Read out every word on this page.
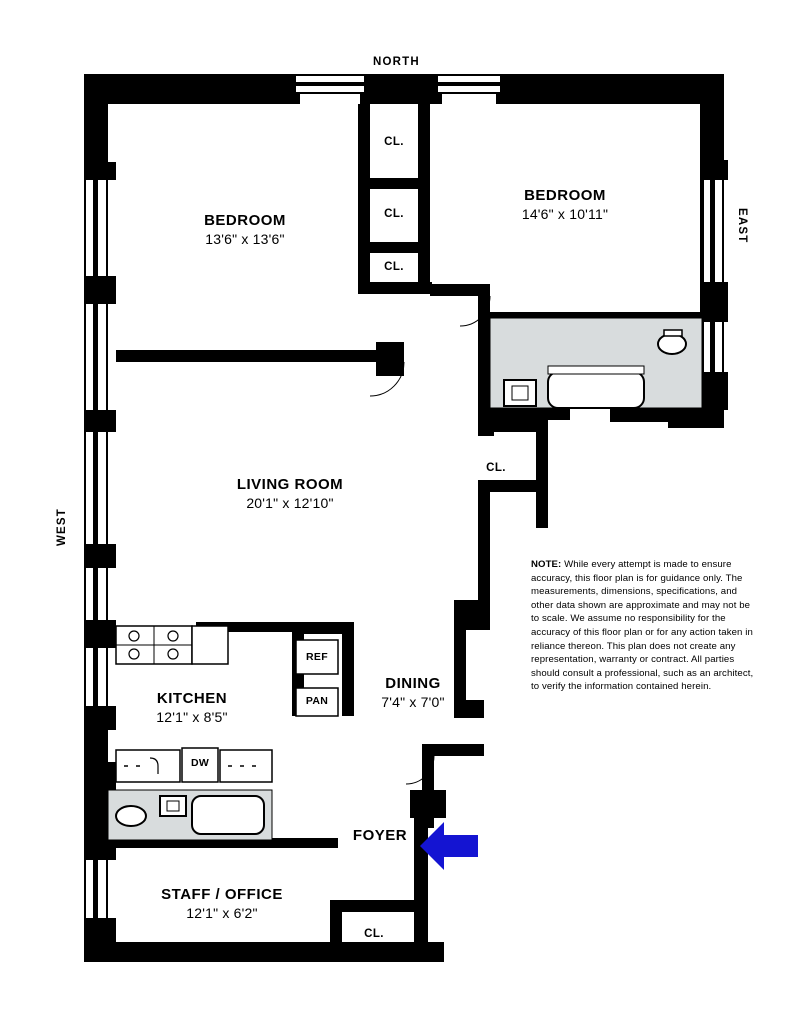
NORTH
EAST
WEST
BEDROOM
13'6" x 13'6"
BEDROOM
14'6" x 10'11"
LIVING ROOM
20'1" x 12'10"
KITCHEN
12'1" x 8'5"
DINING
7'4" x 7'0"
STAFF / OFFICE
12'1" x 6'2"
FOYER
CL.
CL.
CL.
CL.
CL.
REF
PAN
DW
NOTE: While every attempt is made to ensure accuracy, this floor plan is for guidance only. The measurements, dimensions, specifications, and other data shown are approximate and may not be to scale. We assume no responsibility for the accuracy of this floor plan or for any action taken in reliance thereon. This plan does not create any representation, warranty or contract. All parties should consult a professional, such as an architect, to verify the information contained herein.
